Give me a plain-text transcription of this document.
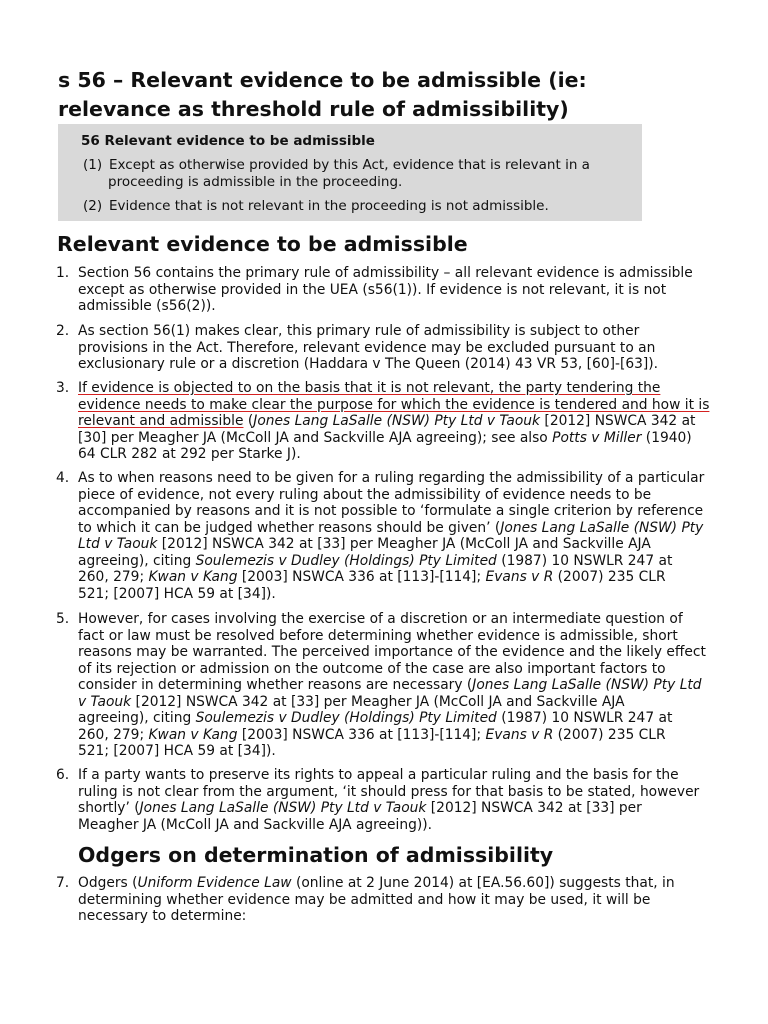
s 56 – Relevant evidence to be admissible (ie:
relevance as threshold rule of admissibility)
56 Relevant evidence to be admissible
(1) Except as otherwise provided by this Act, evidence that is relevant in a
proceeding is admissible in the proceeding.
(2) Evidence that is not relevant in the proceeding is not admissible.
Relevant evidence to be admissible
1. Section 56 contains the primary rule of admissibility – all relevant evidence is admissible
except as otherwise provided in the UEA (s56(1)). If evidence is not relevant, it is not
admissible (s56(2)).
2. As section 56(1) makes clear, this primary rule of admissibility is subject to other
provisions in the Act. Therefore, relevant evidence may be excluded pursuant to an
exclusionary rule or a discretion (Haddara v The Queen (2014) 43 VR 53, [60]-[63]).
3. If evidence is objected to on the basis that it is not relevant, the party tendering the
evidence needs to make clear the purpose for which the evidence is tendered and how it is
relevant and admissible (Jones Lang LaSalle (NSW) Pty Ltd v Taouk [2012] NSWCA 342 at
[30] per Meagher JA (McColl JA and Sackville AJA agreeing); see also Potts v Miller (1940)
64 CLR 282 at 292 per Starke J).
4. As to when reasons need to be given for a ruling regarding the admissibility of a particular
piece of evidence, not every ruling about the admissibility of evidence needs to be
accompanied by reasons and it is not possible to ‘formulate a single criterion by reference
to which it can be judged whether reasons should be given’ (Jones Lang LaSalle (NSW) Pty
Ltd v Taouk [2012] NSWCA 342 at [33] per Meagher JA (McColl JA and Sackville AJA
agreeing), citing Soulemezis v Dudley (Holdings) Pty Limited (1987) 10 NSWLR 247 at
260, 279; Kwan v Kang [2003] NSWCA 336 at [113]-[114]; Evans v R (2007) 235 CLR
521; [2007] HCA 59 at [34]).
5. However, for cases involving the exercise of a discretion or an intermediate question of
fact or law must be resolved before determining whether evidence is admissible, short
reasons may be warranted. The perceived importance of the evidence and the likely effect
of its rejection or admission on the outcome of the case are also important factors to
consider in determining whether reasons are necessary (Jones Lang LaSalle (NSW) Pty Ltd
v Taouk [2012] NSWCA 342 at [33] per Meagher JA (McColl JA and Sackville AJA
agreeing), citing Soulemezis v Dudley (Holdings) Pty Limited (1987) 10 NSWLR 247 at
260, 279; Kwan v Kang [2003] NSWCA 336 at [113]-[114]; Evans v R (2007) 235 CLR
521; [2007] HCA 59 at [34]).
6. If a party wants to preserve its rights to appeal a particular ruling and the basis for the
ruling is not clear from the argument, ‘it should press for that basis to be stated, however
shortly’ (Jones Lang LaSalle (NSW) Pty Ltd v Taouk [2012] NSWCA 342 at [33] per
Meagher JA (McColl JA and Sackville AJA agreeing)).
Odgers on determination of admissibility
7. Odgers (Uniform Evidence Law (online at 2 June 2014) at [EA.56.60]) suggests that, in
determining whether evidence may be admitted and how it may be used, it will be
necessary to determine:
